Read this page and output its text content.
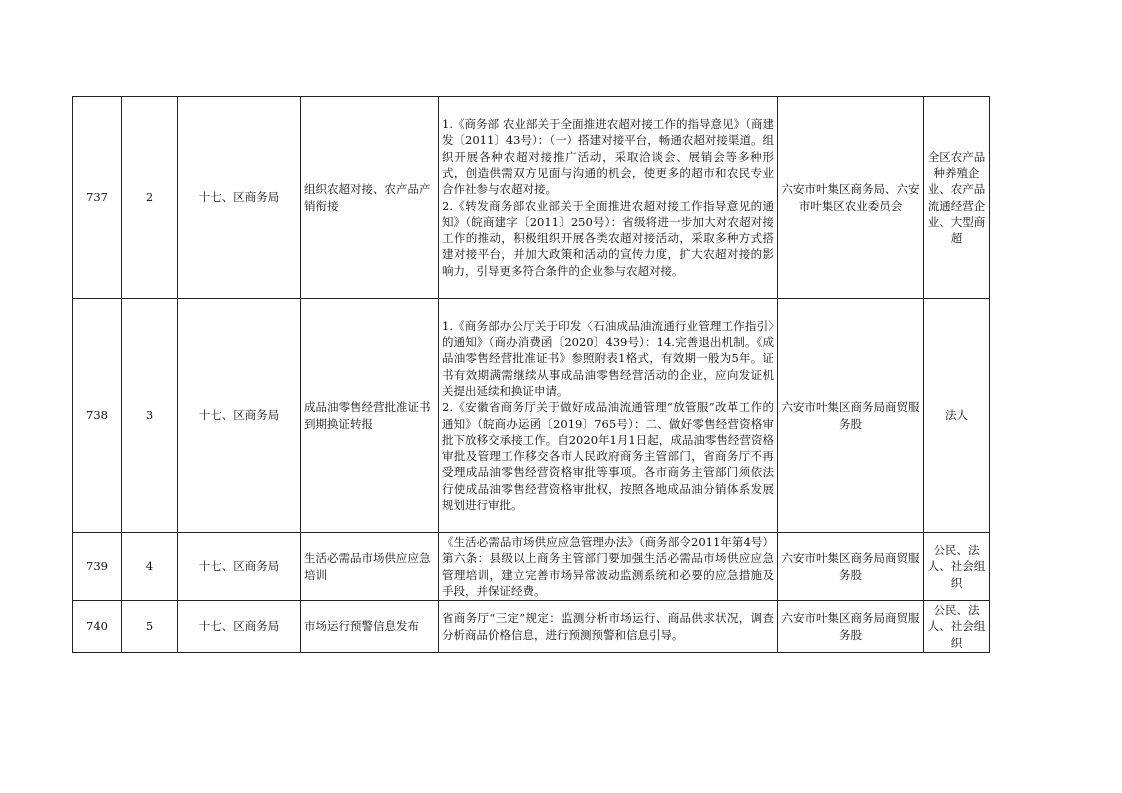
737	2	十七、区商务局	组织农超对接、农产品产销衔接	1.《商务部 农业部关于全面推进农超对接工作的指导意见》（商建发〔2011〕43号）：（一）搭建对接平台，畅通农超对接渠道。组织开展各种农超对接推广活动，采取洽谈会、展销会等多种形式，创造供需双方见面与沟通的机会，使更多的超市和农民专业合作社参与农超对接。
2.《转发商务部农业部关于全面推进农超对接工作指导意见的通知》（皖商建字〔2011〕250号）：省级将进一步加大对农超对接工作的推动，积极组织开展各类农超对接活动，采取多种方式搭建对接平台，并加大政策和活动的宣传力度，扩大农超对接的影响力，引导更多符合条件的企业参与农超对接。	六安市叶集区商务局、六安市叶集区农业委员会	全区农产品种养殖企业、农产品流通经营企业、大型商超
738	3	十七、区商务局	成品油零售经营批准证书到期换证转报	1.《商务部办公厅关于印发〈石油成品油流通行业管理工作指引〉的通知》（商办消费函〔2020〕439号）：14.完善退出机制。《成品油零售经营批准证书》参照附表1格式，有效期一般为5年。证书有效期满需继续从事成品油零售经营活动的企业，应向发证机关提出延续和换证申请。
2.《安徽省商务厅关于做好成品油流通管理“放管服”改革工作的通知》（皖商办运函〔2019〕765号）：二、做好零售经营资格审批下放移交承接工作。自2020年1月1日起，成品油零售经营资格审批及管理工作移交各市人民政府商务主管部门，省商务厅不再受理成品油零售经营资格审批等事项。各市商务主管部门须依法行使成品油零售经营资格审批权，按照各地成品油分销体系发展规划进行审批。	六安市叶集区商务局商贸服务股	法人
739	4	十七、区商务局	生活必需品市场供应应急培训	《生活必需品市场供应应急管理办法》（商务部令2011年第4号）第六条：县级以上商务主管部门要加强生活必需品市场供应应急管理培训，建立完善市场异常波动监测系统和必要的应急措施及手段，并保证经费。	六安市叶集区商务局商贸服务股	公民、法人、社会组织
740	5	十七、区商务局	市场运行预警信息发布	省商务厅“三定”规定：监测分析市场运行、商品供求状况，调查分析商品价格信息，进行预测预警和信息引导。	六安市叶集区商务局商贸服务股	公民、法人、社会组织
